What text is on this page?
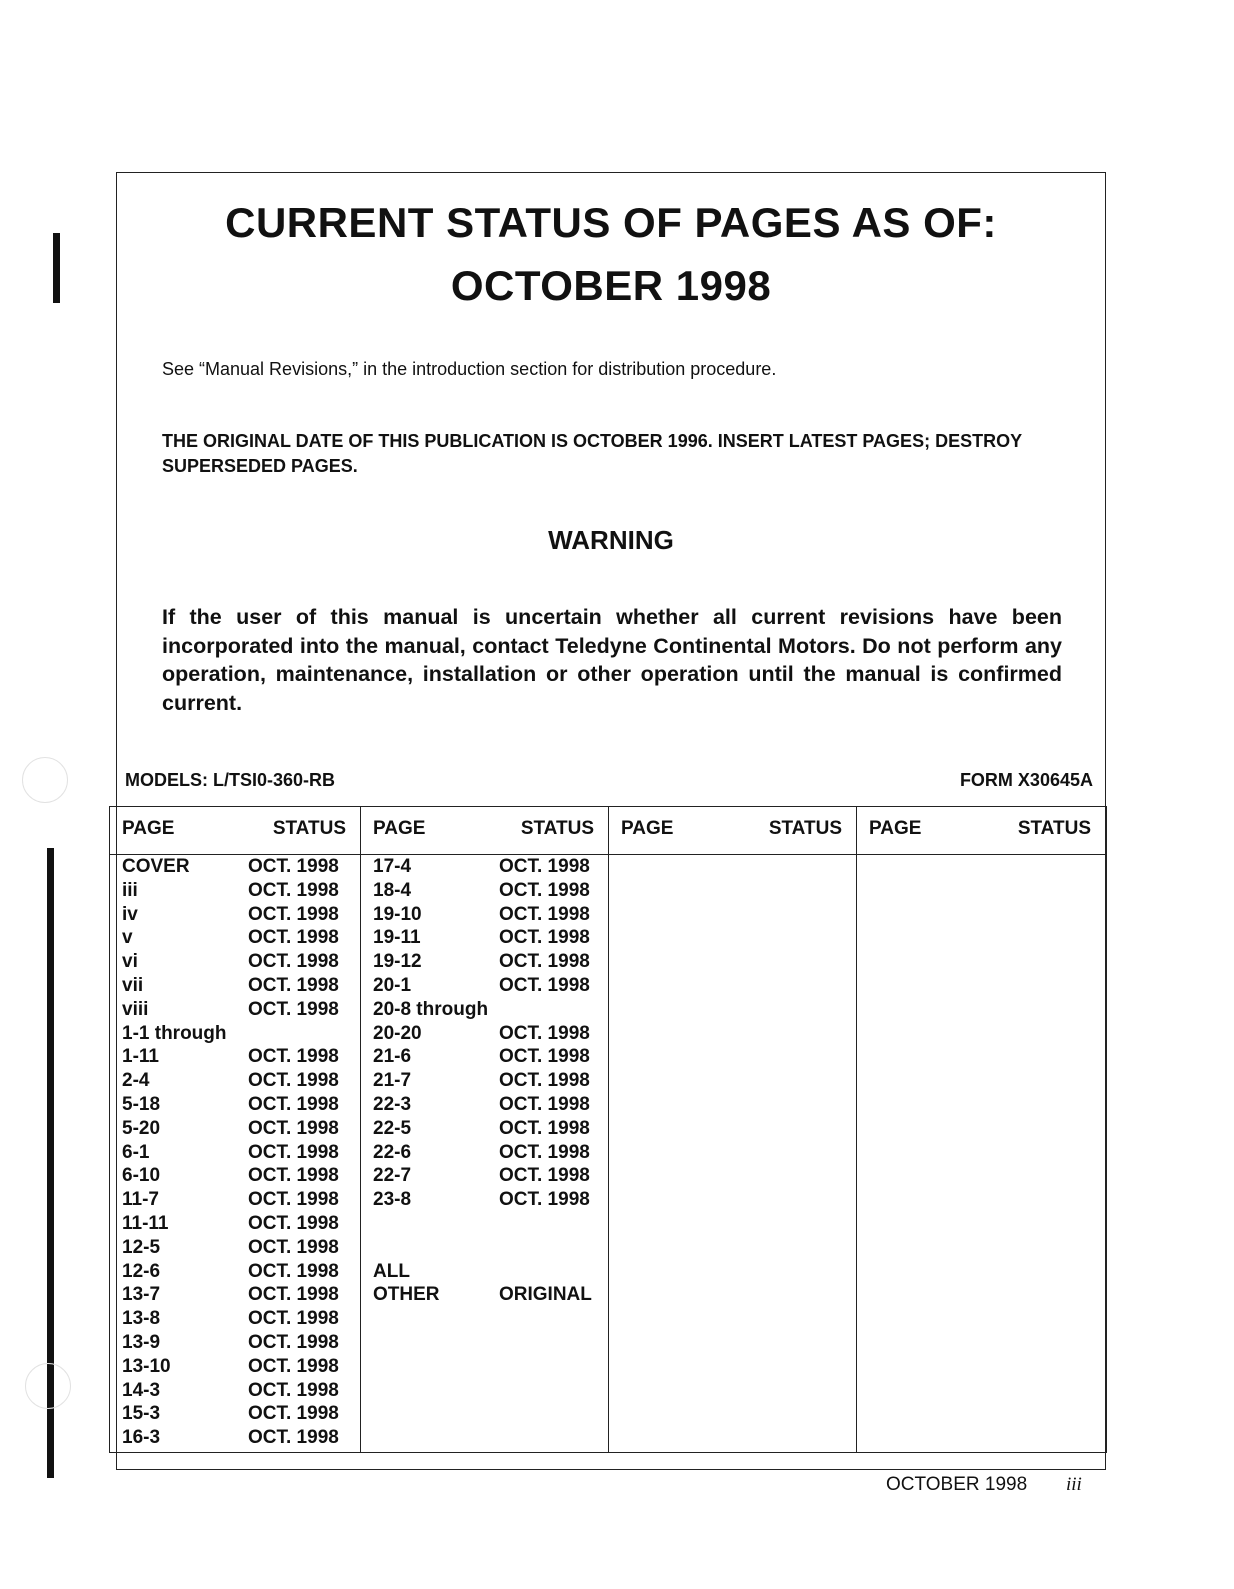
CURRENT STATUS OF PAGES AS OF:
OCTOBER 1998
See “Manual Revisions,” in the introduction section for distribution procedure.
THE ORIGINAL DATE OF THIS PUBLICATION IS OCTOBER 1996. INSERT LATEST PAGES; DESTROY SUPERSEDED PAGES.
WARNING
If the user of this manual is uncertain whether all current revisions have been incorporated into the manual, contact Teledyne Continental Motors. Do not perform any operation, maintenance, installation or other operation until the manual is confirmed current.
MODELS: L/TSI0-360-RB	FORM X30645A
PAGE	STATUS
COVER	OCT. 1998
iii	OCT. 1998
iv	OCT. 1998
v	OCT. 1998
vi	OCT. 1998
vii	OCT. 1998
viii	OCT. 1998
1-1 through
1-11	OCT. 1998
2-4	OCT. 1998
5-18	OCT. 1998
5-20	OCT. 1998
6-1	OCT. 1998
6-10	OCT. 1998
11-7	OCT. 1998
11-11	OCT. 1998
12-5	OCT. 1998
12-6	OCT. 1998
13-7	OCT. 1998
13-8	OCT. 1998
13-9	OCT. 1998
13-10	OCT. 1998
14-3	OCT. 1998
15-3	OCT. 1998
16-3	OCT. 1998
PAGE	STATUS
17-4	OCT. 1998
18-4	OCT. 1998
19-10	OCT. 1998
19-11	OCT. 1998
19-12	OCT. 1998
20-1	OCT. 1998
20-8 through
20-20	OCT. 1998
21-6	OCT. 1998
21-7	OCT. 1998
22-3	OCT. 1998
22-5	OCT. 1998
22-6	OCT. 1998
22-7	OCT. 1998
23-8	OCT. 1998
ALL
OTHER	ORIGINAL
PAGE	STATUS PAGE	STATUS
OCTOBER 1998 iii
